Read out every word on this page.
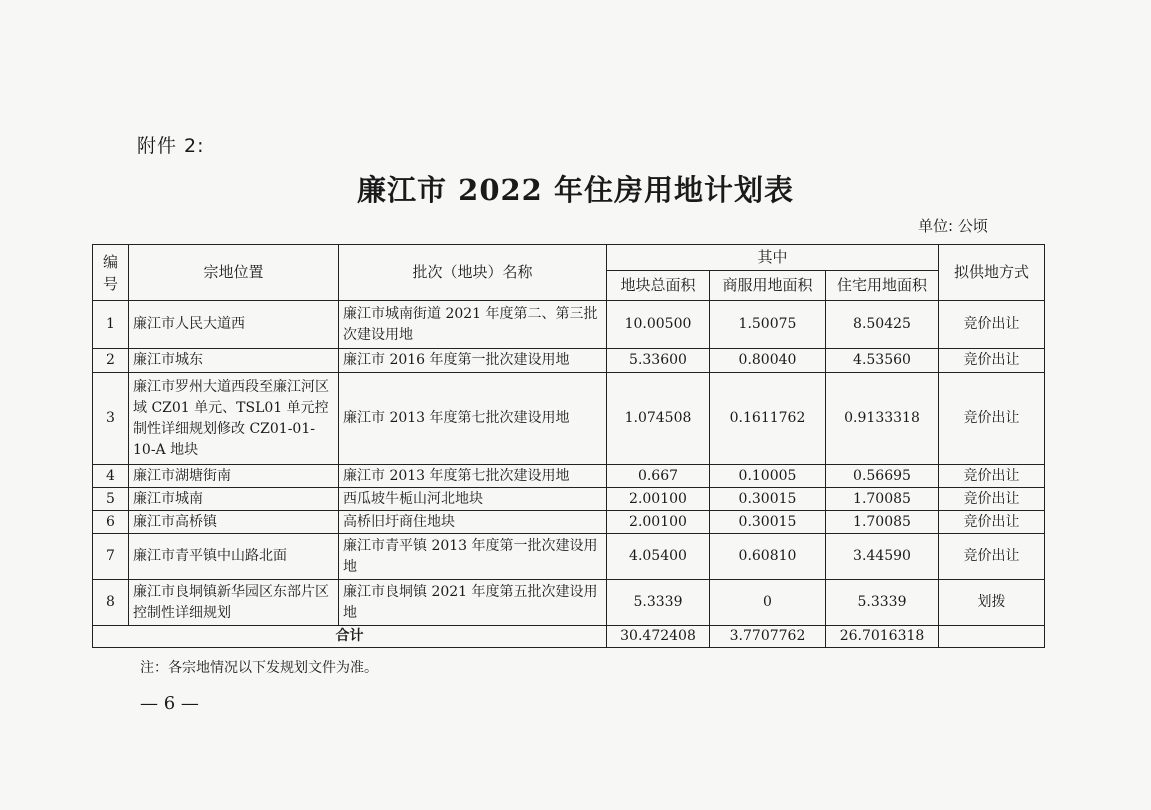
附件 2:
廉江市 2022 年住房用地计划表
单位: 公顷
编
号	宗地位置	批次（地块）名称	其中			拟供地方式
			地块总面积	商服用地面积	住宅用地面积	
1	廉江市人民大道西	廉江市城南街道 2021 年度第二、第三批次建设用地	10.00500	1.50075	8.50425	竞价出让
2	廉江市城东	廉江市 2016 年度第一批次建设用地	5.33600	0.80040	4.53560	竞价出让
3	廉江市罗州大道西段至廉江河区域 CZ01 单元、TSL01 单元控制性详细规划修改 CZ01-01-10-A 地块	廉江市 2013 年度第七批次建设用地	1.074508	0.1611762	0.9133318	竞价出让
4	廉江市湖塘街南	廉江市 2013 年度第七批次建设用地	0.667	0.10005	0.56695	竞价出让
5	廉江市城南	西瓜坡牛栀山河北地块	2.00100	0.30015	1.70085	竞价出让
6	廉江市高桥镇	高桥旧圩商住地块	2.00100	0.30015	1.70085	竞价出让
7	廉江市青平镇中山路北面	廉江市青平镇 2013 年度第一批次建设用地	4.05400	0.60810	3.44590	竞价出让
8	廉江市良垌镇新华园区东部片区控制性详细规划	廉江市良垌镇 2021 年度第五批次建设用地	5.3339	0	5.3339	划拨
合计			30.472408	3.7707762	26.7016318	
注：各宗地情况以下发规划文件为准。
— 6 —
